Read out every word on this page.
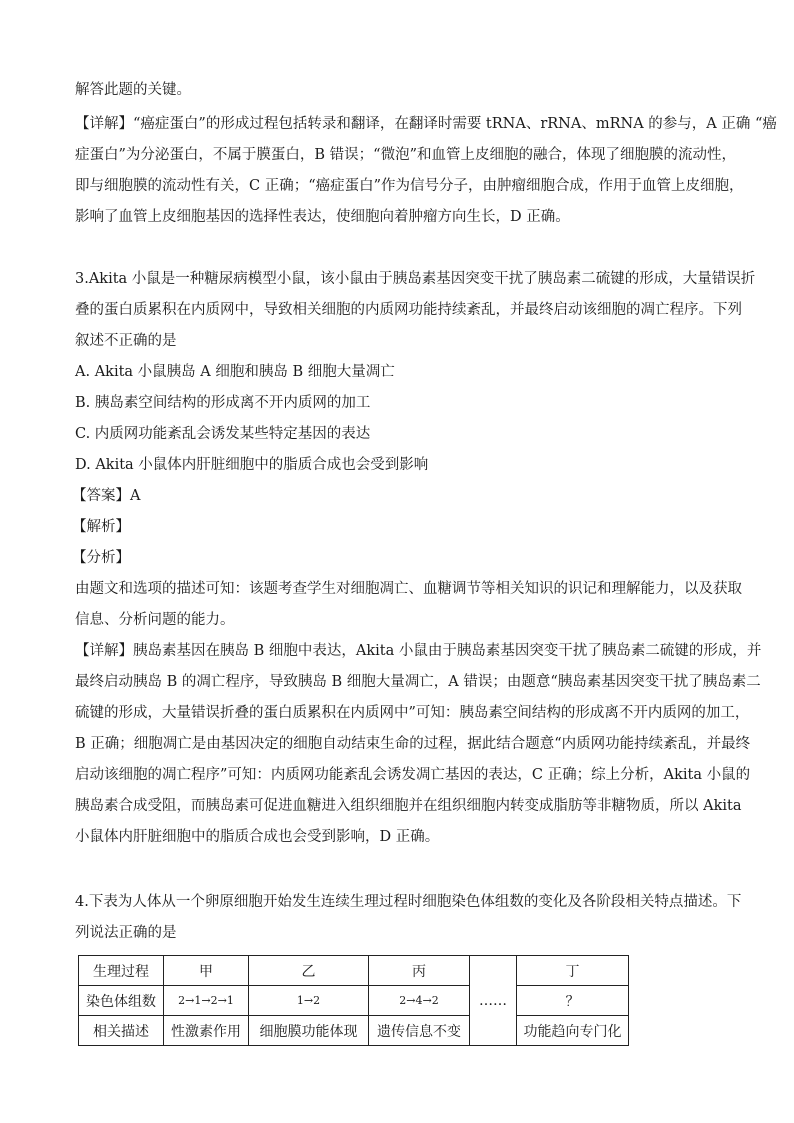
解答此题的关键。
【详解】“癌症蛋白”的形成过程包括转录和翻译，在翻译时需要 tRNA、rRNA、mRNA 的参与，A 正确 “癌
症蛋白”为分泌蛋白，不属于膜蛋白，B 错误；“微泡”和血管上皮细胞的融合，体现了细胞膜的流动性，
即与细胞膜的流动性有关，C 正确；“癌症蛋白”作为信号分子，由肿瘤细胞合成，作用于血管上皮细胞，
影响了血管上皮细胞基因的选择性表达，使细胞向着肿瘤方向生长，D 正确。
3.Akita 小鼠是一种糖尿病模型小鼠，该小鼠由于胰岛素基因突变干扰了胰岛素二硫键的形成，大量错误折
叠的蛋白质累积在内质网中，导致相关细胞的内质网功能持续紊乱，并最终启动该细胞的凋亡程序。下列
叙述不正确的是
A. Akita 小鼠胰岛 A 细胞和胰岛 B 细胞大量凋亡
B. 胰岛素空间结构的形成离不开内质网的加工
C. 内质网功能紊乱会诱发某些特定基因的表达
D. Akita 小鼠体内肝脏细胞中的脂质合成也会受到影响
【答案】A
【解析】
【分析】
由题文和选项的描述可知：该题考查学生对细胞凋亡、血糖调节等相关知识的识记和理解能力，以及获取
信息、分析问题的能力。
【详解】胰岛素基因在胰岛 B 细胞中表达，Akita 小鼠由于胰岛素基因突变干扰了胰岛素二硫键的形成，并
最终启动胰岛 B 的凋亡程序，导致胰岛 B 细胞大量凋亡，A 错误；由题意“胰岛素基因突变干扰了胰岛素二
硫键的形成，大量错误折叠的蛋白质累积在内质网中”可知：胰岛素空间结构的形成离不开内质网的加工，
B 正确；细胞凋亡是由基因决定的细胞自动结束生命的过程，据此结合题意“内质网功能持续紊乱，并最终
启动该细胞的凋亡程序”可知：内质网功能紊乱会诱发凋亡基因的表达，C 正确；综上分析，Akita 小鼠的
胰岛素合成受阻，而胰岛素可促进血糖进入组织细胞并在组织细胞内转变成脂肪等非糖物质，所以 Akita
小鼠体内肝脏细胞中的脂质合成也会受到影响，D 正确。
4.下表为人体从一个卵原细胞开始发生连续生理过程时细胞染色体组数的变化及各阶段相关特点描述。下
列说法正确的是
生理过程	甲	乙	丙	……	丁
染色体组数	2→1→2→1	1→2	2→4→2		？
相关描述	性激素作用	细胞膜功能体现	遗传信息不变		功能趋向专门化
